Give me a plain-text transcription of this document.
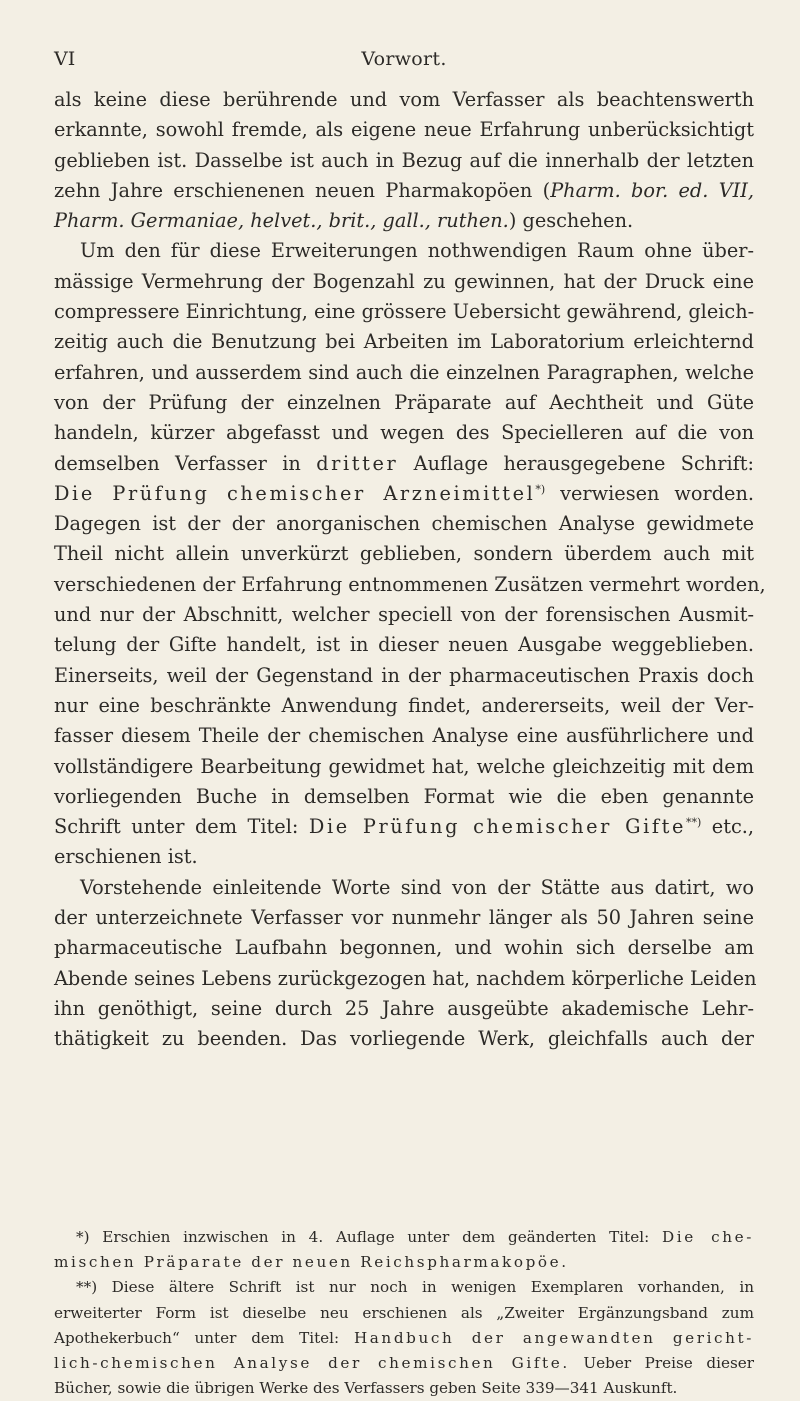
VI	Vorwort.
als keine diese berührende und vom Verfasser als beachtenswerth
erkannte, sowohl fremde, als eigene neue Erfahrung unberücksichtigt
geblieben ist. Dasselbe ist auch in Bezug auf die innerhalb der letzten
zehn Jahre erschienenen neuen Pharmakopöen (Pharm. bor. ed. VII,
Pharm. Germaniae, helvet., brit., gall., ruthen.) geschehen.
Um den für diese Erweiterungen nothwendigen Raum ohne über-
mässige Vermehrung der Bogenzahl zu gewinnen, hat der Druck eine
compressere Einrichtung, eine grössere Uebersicht gewährend, gleich-
zeitig auch die Benutzung bei Arbeiten im Laboratorium erleichternd
erfahren, und ausserdem sind auch die einzelnen Paragraphen, welche
von der Prüfung der einzelnen Präparate auf Aechtheit und Güte
handeln, kürzer abgefasst und wegen des Specielleren auf die von
demselben Verfasser in dritter Auflage herausgegebene Schrift:
Die Prüfung chemischer Arzneimittel*) verwiesen worden.
Dagegen ist der der anorganischen chemischen Analyse gewidmete
Theil nicht allein unverkürzt geblieben, sondern überdem auch mit
verschiedenen der Erfahrung entnommenen Zusätzen vermehrt worden,
und nur der Abschnitt, welcher speciell von der forensischen Ausmit-
telung der Gifte handelt, ist in dieser neuen Ausgabe weggeblieben.
Einerseits, weil der Gegenstand in der pharmaceutischen Praxis doch
nur eine beschränkte Anwendung findet, andererseits, weil der Ver-
fasser diesem Theile der chemischen Analyse eine ausführlichere und
vollständigere Bearbeitung gewidmet hat, welche gleichzeitig mit dem
vorliegenden Buche in demselben Format wie die eben genannte
Schrift unter dem Titel: Die Prüfung chemischer Gifte**) etc.,
erschienen ist.
Vorstehende einleitende Worte sind von der Stätte aus datirt, wo
der unterzeichnete Verfasser vor nunmehr länger als 50 Jahren seine
pharmaceutische Laufbahn begonnen, und wohin sich derselbe am
Abende seines Lebens zurückgezogen hat, nachdem körperliche Leiden
ihn genöthigt, seine durch 25 Jahre ausgeübte akademische Lehr-
thätigkeit zu beenden. Das vorliegende Werk, gleichfalls auch der
*) Erschien inzwischen in 4. Auflage unter dem geänderten Titel: Die che-
mischen Präparate der neuen Reichspharmakopöe.
**) Diese ältere Schrift ist nur noch in wenigen Exemplaren vorhanden, in
erweiterter Form ist dieselbe neu erschienen als „Zweiter Ergänzungsband zum
Apothekerbuch“ unter dem Titel: Handbuch der angewandten gericht-
lich-chemischen Analyse der chemischen Gifte. Ueber Preise dieser
Bücher, sowie die übrigen Werke des Verfassers geben Seite 339—341 Auskunft.
